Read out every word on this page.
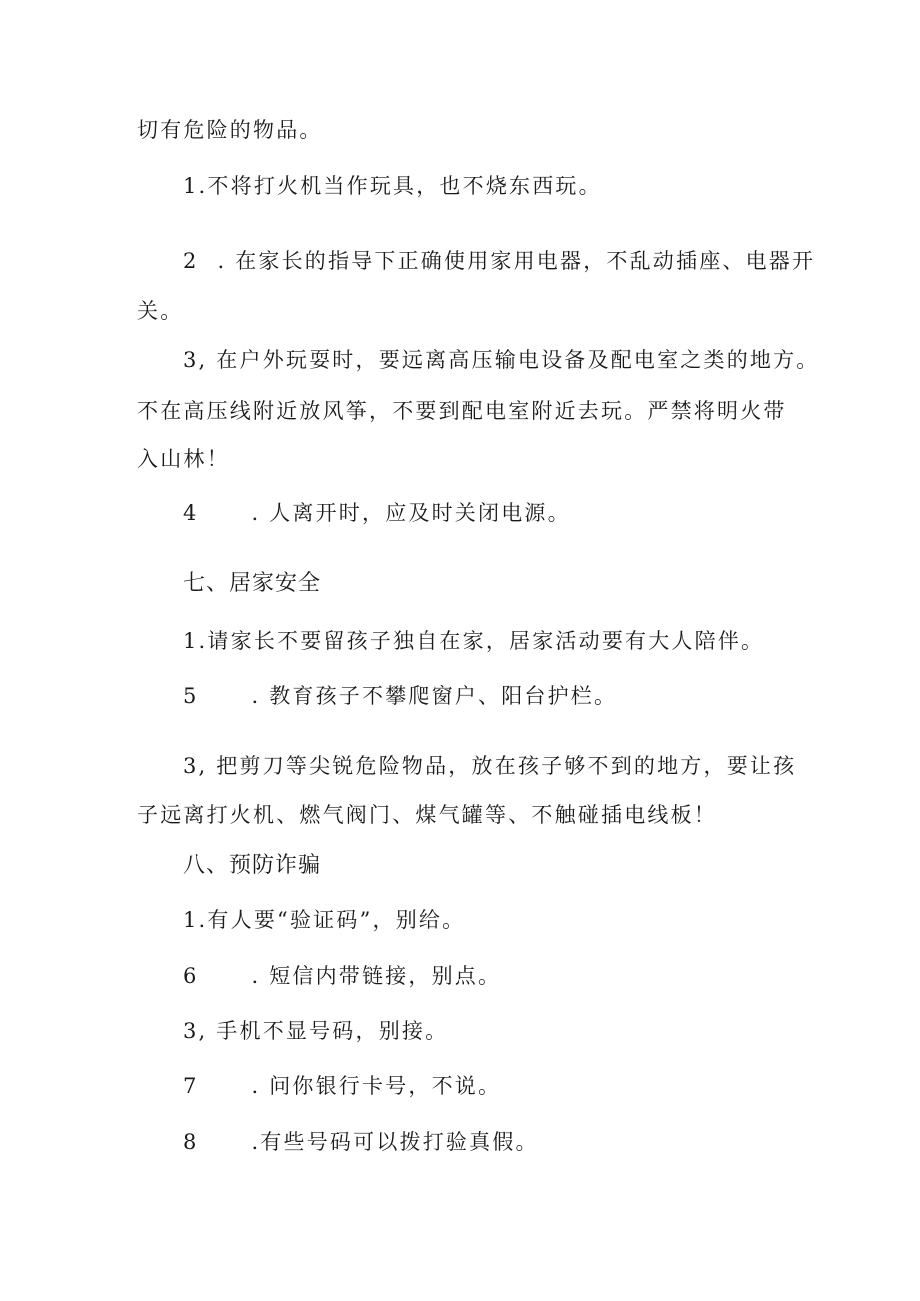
切有危险的物品。
1.不将打火机当作玩具，也不烧东西玩。
2 . 在家长的指导下正确使用家用电器，不乱动插座、电器开
关。
3, 在户外玩耍时，要远离高压输电设备及配电室之类的地方。
不在高压线附近放风筝，不要到配电室附近去玩。严禁将明火带
入山林！
4	. 人离开时，应及时关闭电源。
七、居家安全
1.请家长不要留孩子独自在家，居家活动要有大人陪伴。
5	. 教育孩子不攀爬窗户、阳台护栏。
3, 把剪刀等尖锐危险物品，放在孩子够不到的地方，要让孩
子远离打火机、燃气阀门、煤气罐等、不触碰插电线板！
八、预防诈骗
1.有人要“验证码”，别给。
6	. 短信内带链接，别点。
3, 手机不显号码，别接。
7	. 问你银行卡号，不说。
8	.有些号码可以拨打验真假。
